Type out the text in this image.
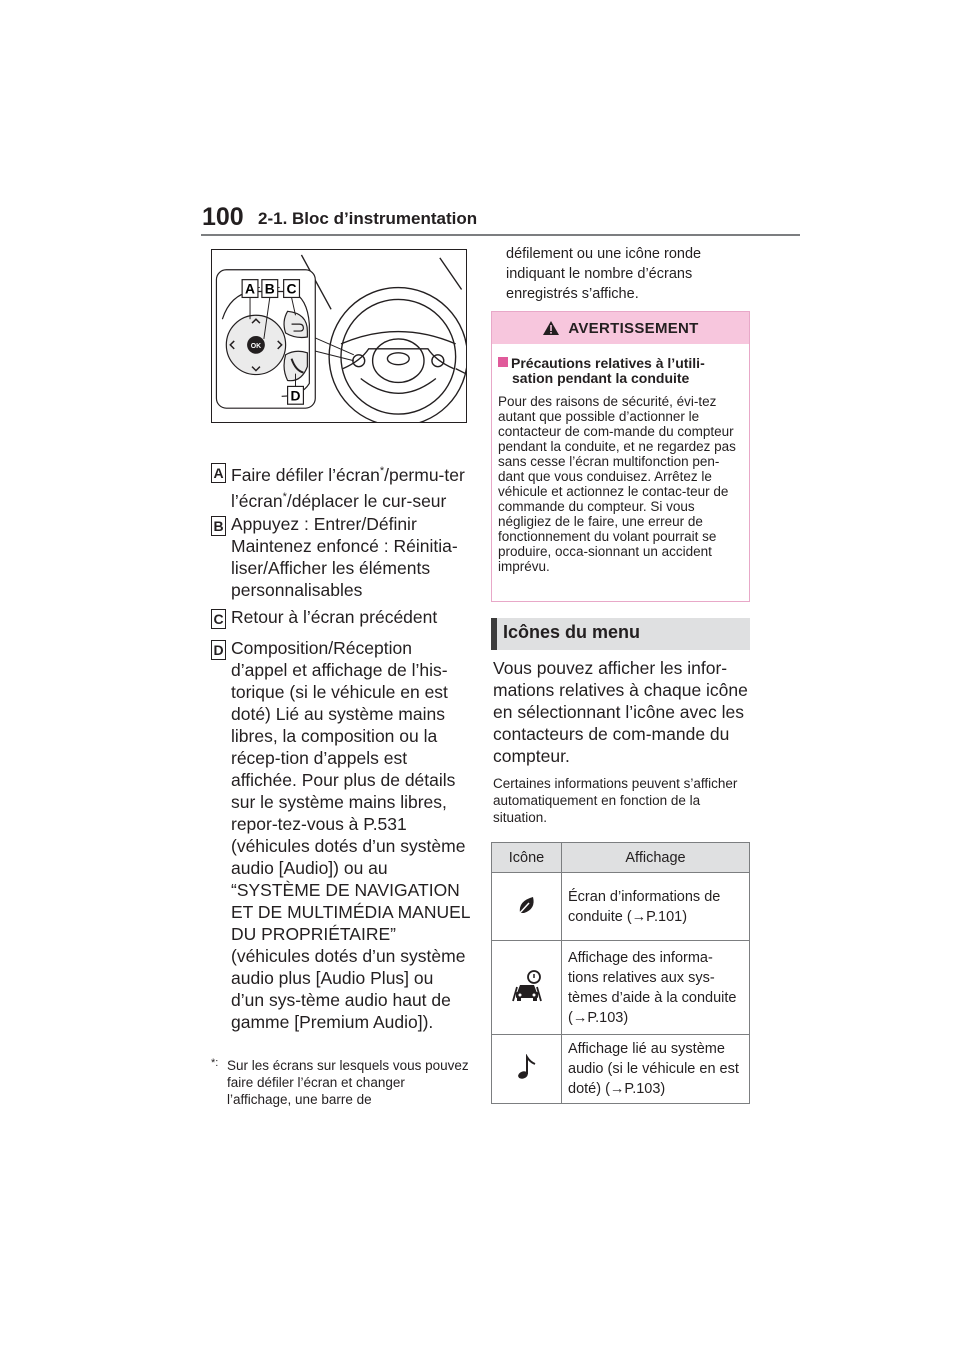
100 2-1. Bloc d’instrumentation
OK
A B C
D
A Faire défiler l’écran*/permu-ter l’écran*/déplacer le cur-seur
B Appuyez : Entrer/Définir Maintenez enfoncé : Réinitia-liser/Afficher les éléments personnalisables
C Retour à l’écran précédent
D Composition/Réception d’appel et affichage de l’his-torique (si le véhicule en est doté) Lié au système mains libres, la composition ou la récep-tion d’appels est affichée. Pour plus de détails sur le système mains libres, repor-tez-vous à P.531 (véhicules dotés d’un système audio [Audio]) ou au “SYSTÈME DE NAVIGATION ET DE MULTIMÉDIA MANUEL DU PROPRIÉTAIRE” (véhicules dotés d’un système audio plus [Audio Plus] ou d’un sys-tème audio haut de gamme [Premium Audio]).
*: Sur les écrans sur lesquels vous pouvez faire défiler l’écran et changer l’affichage, une barre de
défilement ou une icône ronde indiquant le nombre d’écrans enregistrés s’affiche.
AVERTISSEMENT
Précautions relatives à l’utili-
sation pendant la conduite
Pour des raisons de sécurité, évi-tez autant que possible d’actionner le contacteur de com-mande du compteur pendant la conduite, et ne regardez pas sans cesse l’écran multifonction pen-dant que vous conduisez. Arrêtez le véhicule et actionnez le contac-teur de commande du compteur. Si vous négligiez de le faire, une erreur de fonctionnement du volant pourrait se produire, occa-sionnant un accident imprévu.
Icônes du menu
Vous pouvez afficher les infor-mations relatives à chaque icône en sélectionnant l’icône avec les contacteurs de com-mande du compteur.
Certaines informations peuvent s’afficher automatiquement en fonction de la situation.
Icône	Affichage
	Écran d’informations de conduite (→P.101)
	Affichage des informa-tions relatives aux sys-tèmes d’aide à la conduite (→P.103)
	Affichage lié au système audio (si le véhicule en est doté) (→P.103)
